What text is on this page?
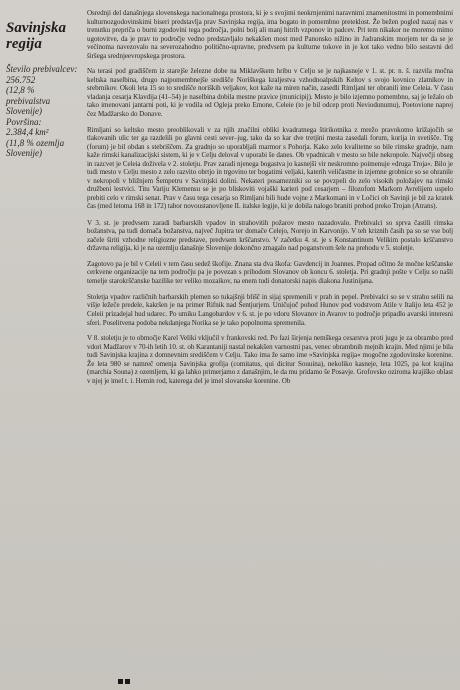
Savinjska
regija

Število prebivalcev:

256.752

(12,8 % prebivalstva

Slovenije)

Površina:

2.384,4 km²

(11,8 % ozemlja

Slovenije)

Osrednji del današnjega slovenskega nacionalnega prostora, ki je s svojimi neokrnjenimi naravnimi znamenitostmi in pomembnimi kulturnozgodovinskimi biseri predstavlja prav Savinjska regija, ima bogato in pomembno preteklost. Že bežen pogled nazaj nas v trenutku prepriča o burni zgodovini tega področja, polni bolj ali manj hitrih vzponov in padcev. Pri tem nikakor ne moremo mimo ugotovitve, da je prav to področje vedno predstavljalo nekakšen most med Panonsko nižino in Jadranskim morjem ter da se je večinoma navezovalo na severozahodno politično-upravne, predvsem pa kulturne tokove in je kot tako vedno bilo sestavni del širšega srednjeevropskega prostora.

Na terasi pod gradiščem iz starejše železne dobe na Miklavškem hribu v Celju se je najkasneje v 1. st. pr. n. š. razvila močna keltska naselbina, drugo najpomembnejše središče Noriškega kraljestva vzhodnoalpskih Keltov s svojo kovnico zlatnikov in srebrnikov. Okoli leta 15 so to središče noriških veljakov, kot kaže na miren način, zasedli Rimljani ter obranili ime Celeia. V času vladanja cesarja Klavdija (41–54) je naselbina dobila mestne pravice (municipij). Mesto je bilo izjemno pomembno, saj je ležalo ob tako imenovani jantarni poti, ki je vodila od Ogleja preko Emone, Celeie (to je bil odcep proti Neviodunumu), Poetovione naprej čez Madžarsko do Donave.

Rimljani so keltsko mesto preoblikovali v za njih značilni obliki kvadratnega štirikotnika z mrežo pravokotno križajočih se tlakovanih ulic ter ga razdelili po glavni cesti sever–jug, tako da so kar dve tretjini mesta zasedali forum, kurija in svetišče. Trg (forum) je bil obdan s stebriščem. Za gradnjo so uporabljali marmor s Pohorja. Kako zelo kvalitetne so bile rimske gradnje, nam kaže rimski kanalizacijski sistem, ki je v Celju deloval v uporabi še danes. Ob vpadnicah v mesto so bile nekropole. Največji obseg in razcvet je Celeia doživela v 2. stoletju. Prav zaradi njenega bogastva jo kasnejši vir neskromno poimenuje »druga Troja«. Bilo je tudi mesto v Celju mesto z zelo razvito obrtjo in trgovino ter bogatimi veljaki, katerih veličastne in izjemne grobnice so se ohranile v nekropoli v bližnjem Šempetru v Savinjski dolini. Nekateri posamezniki so se povzpeli do zelo visokih položajev na rimski družbeni lestvici. Titu Variju Klemensu se je po bliskoviti vojaški karieri pod cesarjem – filozofom Markom Avrelijem uspelo prebiti celo v rimski senat. Prav v času tega cesarja so Rimljani bili hude vojne z Markomani in v Ločici ob Savinji je bil za kratek čas (med letoma 168 in 172) tabor novoustanovljene II. italske legije, ki je dobila nalogo braniti prehod preko Trojan (Atrans).

V 3. st. je predvsem zaradi barbarskih vpadov in strahovitih požarov mesto nazadovalo. Prebivalci so sprva častili rimska božanstva, pa tudi domača božanstva, največ Jupitra ter domače Celejo, Norejo in Karvonijo. V teh kriznih časih pa so se vse bolj začele širiti vzhodne religiozne predstave, predvsem krščanstvo. V začetku 4. st. je s Konstantinom Velikim postalo krščanstvo državna religija, ki je na ozemlju današnje Slovenije dokončno zmagalo nad poganstvom šele na prehodu v 5. stoletje.

Zagotovo pa je bil v Celeii v tem času sedež škofije. Znana sta dva škofa: Gavdencij in Joannes. Propad očitno že močne krščanske cerkvene organizacije na tem področju pa je povezan s prihodom Slovanov ob koncu 6. stoletja. Pri gradnji pošte v Celju so našli temelje starokrščanske bazilike ter veliko mozaikov, na enem tudi donatorski napis diakona Justinijana.

Stoletja vpadov različnih barbarskih plemen so tukajšnji blišč in sijaj spremenili v prah in pepel. Prebivalci so se v strahu selili na višje ležeče predele, kakršen je na primer Rifnik nad Šentjurjem. Uničujoč pohod Hunov pod vodstvom Atile v Italijo leta 452 je Celeii prizadejal hud udarec. Po umiku Langobardov v 6. st. je po vdoru Slovanov in Avarov to področje pripadlo avarski interesni sferi. Poselitvena podoba nekdanjega Norika se je tako popolnoma spremenila.

V 8. stoletju je to območje Karel Veliki vključil v frankovski red. Po fazi širjenja nemškega cesarstva proti jugu je za obrambo pred vdori Madžarov v 70-ih letih 10. st. ob Karantaniji nastal nekakšen varnostni pas, venec obrambnih mejnih krajin. Med njimi je bila tudi Savinjska krajina z domnevnim središčem v Celju. Tako ima že samo ime »Savinjska regija« mogočne zgodovinske korenine. Že leta 980 se namreč omenja Savinjska grofija (comitatus, qui dicitur Souuina), nekoliko kasneje, leta 1025, pa kot krajina (marchia Souna) z ozemljem, ki ga lahko primerjamo z današnjim, le da mu pridamo še Posavje. Grofovsko oziroma krajiško oblast v njej je imel t. i. Hemin rod, katerega del je imel slovanske korenine. Ob
